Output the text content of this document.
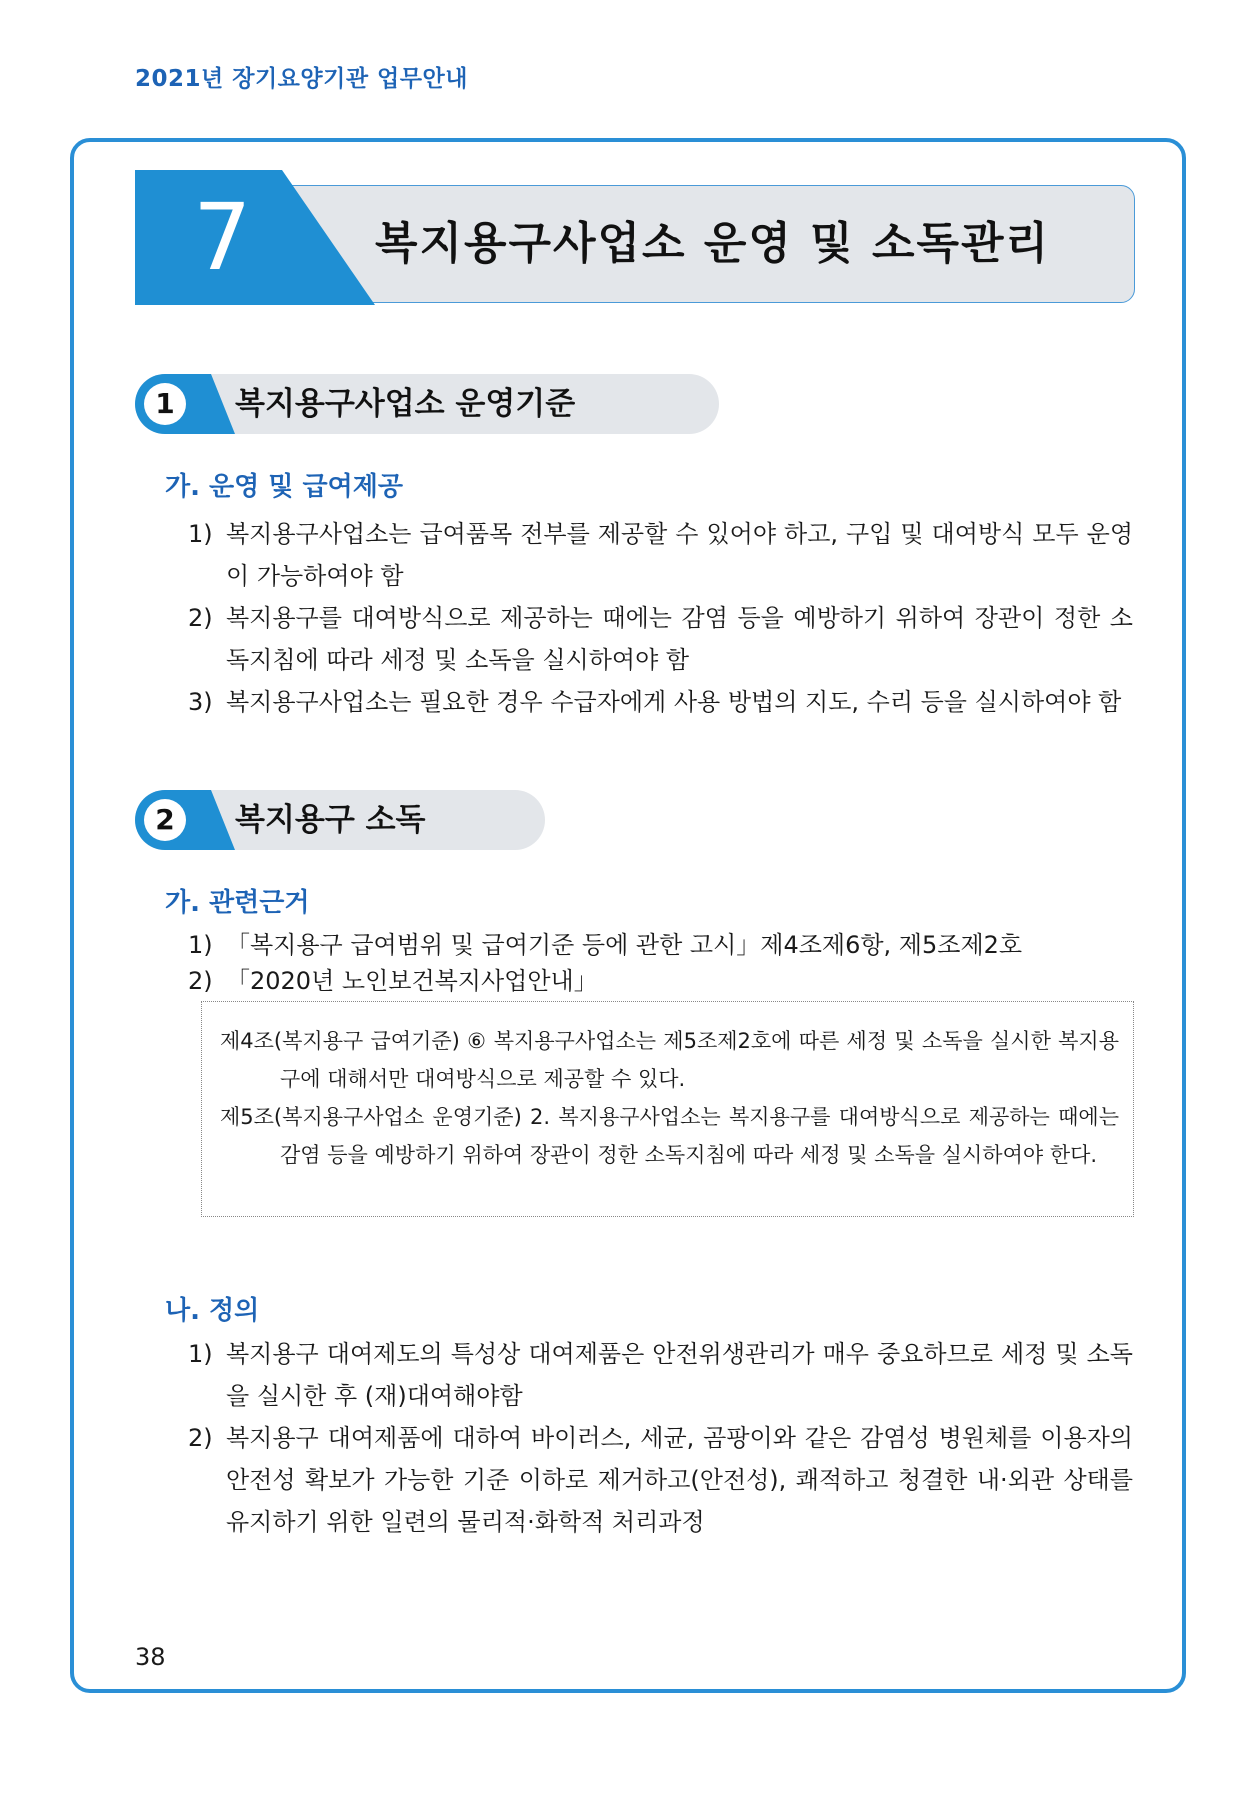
2021년 장기요양기관 업무안내
7	복지용구사업소 운영 및 소독관리
1	복지용구사업소 운영기준
가. 운영 및 급여제공
1) 복지용구사업소는 급여품목 전부를 제공할 수 있어야 하고, 구입 및 대여방식 모두 운영이 가능하여야 함
2) 복지용구를 대여방식으로 제공하는 때에는 감염 등을 예방하기 위하여 장관이 정한 소독지침에 따라 세정 및 소독을 실시하여야 함
3) 복지용구사업소는 필요한 경우 수급자에게 사용 방법의 지도, 수리 등을 실시하여야 함
2	복지용구 소독
가. 관련근거
1) 「복지용구 급여범위 및 급여기준 등에 관한 고시」제4조제6항, 제5조제2호
2) 「2020년 노인보건복지사업안내」

제4조(복지용구 급여기준) ⑥ 복지용구사업소는 제5조제2호에 따른 세정 및 소독을 실시한 복지용구에 대해서만 대여방식으로 제공할 수 있다.

제5조(복지용구사업소 운영기준) 2. 복지용구사업소는 복지용구를 대여방식으로 제공하는 때에는 감염 등을 예방하기 위하여 장관이 정한 소독지침에 따라 세정 및 소독을 실시하여야 한다.

나. 정의
1) 복지용구 대여제도의 특성상 대여제품은 안전위생관리가 매우 중요하므로 세정 및 소독을 실시한 후 (재)대여해야함
2) 복지용구 대여제품에 대하여 바이러스, 세균, 곰팡이와 같은 감염성 병원체를 이용자의 안전성 확보가 가능한 기준 이하로 제거하고(안전성), 쾌적하고 청결한 내·외관 상태를 유지하기 위한 일련의 물리적·화학적 처리과정
38
